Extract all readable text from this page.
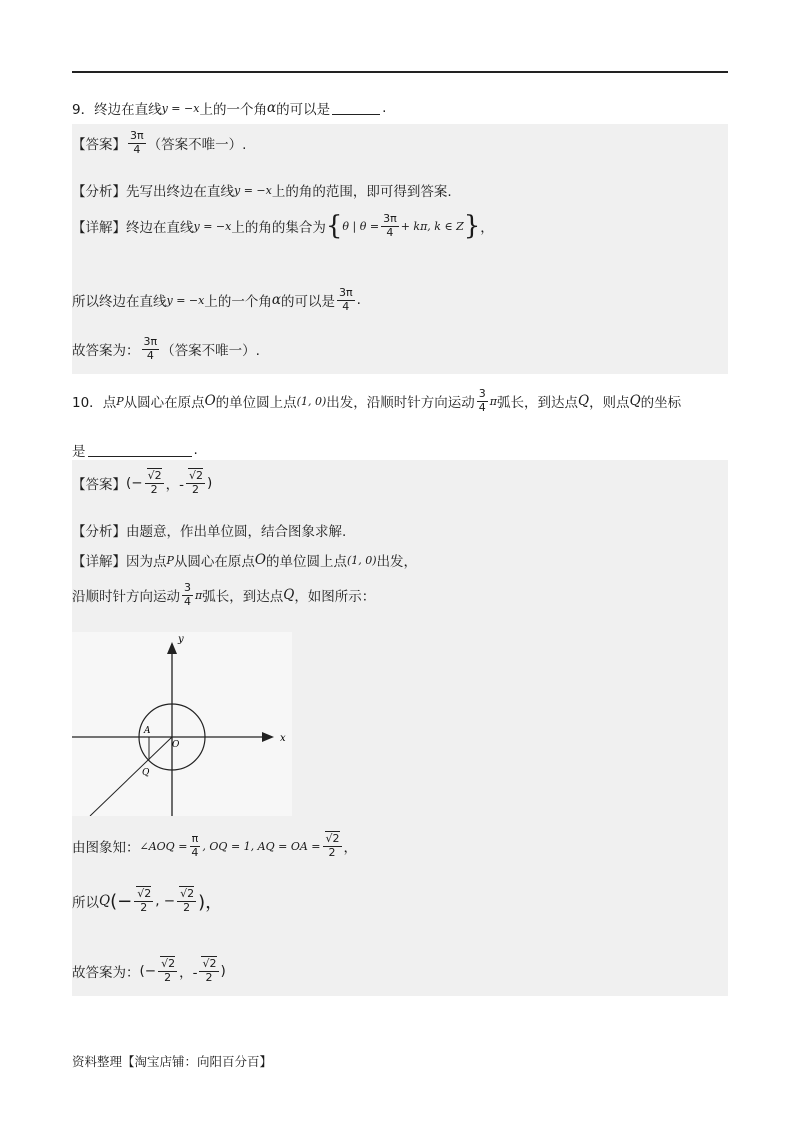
9． 终边在直线 y = −x 上的一个角 α 的可以是	.
【答案】 $\frac{3\pi}{4}$ （答案不唯一）.
【分析】 先写出终边在直线 y = −x 上的角的范围，即可得到答案.
【详解】 终边在直线 y = −x 上的角的集合为 { θ | $\theta = \frac{3\pi}{4} + k\pi$, k ∈ Z } ，
所以终边在直线 y = −x 上的一个角 α 的可以是 $\frac{3\pi}{4}$ .
故答案为： $\frac{3\pi}{4}$ （答案不唯一）.
10． 点 P 从圆心在原点 O 的单位圆上点 (1, 0) 出发，沿顺时针方向运动 $\frac{3}{4}$ π 弧长，到达点 Q ，则点 Q 的坐标
是	.
【答案】 (− $\frac{√2}{2}$ ，- $\frac{√2}{2}$ )
【分析】 由题意，作出单位圆，结合图象求解.
【详解】 因为点 P 从圆心在原点 O 的单位圆上点 (1, 0) 出发，
沿顺时针方向运动 $\frac{3}{4}$ π 弧长，到达点 Q ，如图所示：
y
x
A
O
Q
由图象知： ∠AOQ = $\frac{\pi}{4}$ , OQ = 1, AQ = OA = $\frac{√2}{2}$ ，
所以 Q (− $\frac{√2}{2}$ , − $\frac{√2}{2}$ )，
故答案为： (− $\frac{√2}{2}$ ，- $\frac{√2}{2}$ )
资料整理【淘宝店铺：向阳百分百】
